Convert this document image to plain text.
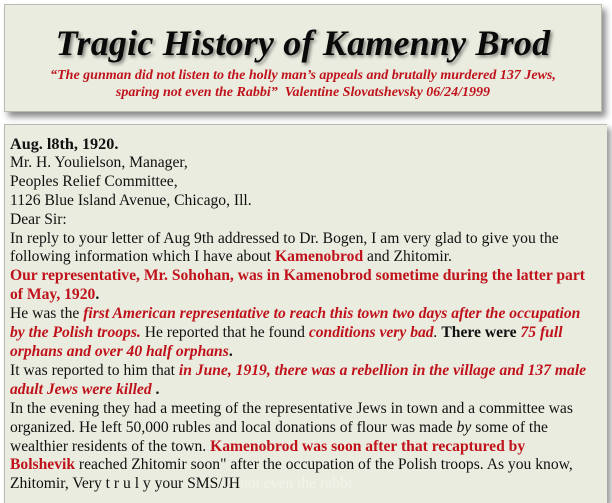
Tragic History of Kamenny Brod
“The gunman did not listen to the holly man’s appeals and brutally murdered 137 Jews,
sparing not even the Rabbi” Valentine Slovatshevsky 06/24/1999
Aug. l8th, 1920.
Mr. H. Youlielson, Manager,
Peoples Relief Committee,
1126 Blue Island Avenue, Chicago, Ill.
Dear Sir:
In reply to your letter of Aug 9th addressed to Dr. Bogen, I am very glad to give you the
following information which I have about Kamenobrod and Zhitomir.
Our representative, Mr. Sohohan, was in Kamenobrod sometime during the latter part
of May, 1920.
He was the first American representative to reach this town two days after the occupation
by the Polish troops. He reported that he found conditions very bad. There were 75 full
orphans and over 40 half orphans.
It was reported to him that in June, 1919, there was a rebellion in the village and 137 male
adult Jews were killed .
In the evening they had a meeting of the representative Jews in town and a committee was
organized. He left 50,000 rubles and local donations of flour was made by some of the
wealthier residents of the town. Kamenobrod was soon after that recaptured by
Bolshevik reached Zhitomir soon" after the occupation of the Polish troops. As you know,
Zhitomir, Very t r u l y your SMS/JHnot even the rabbi
